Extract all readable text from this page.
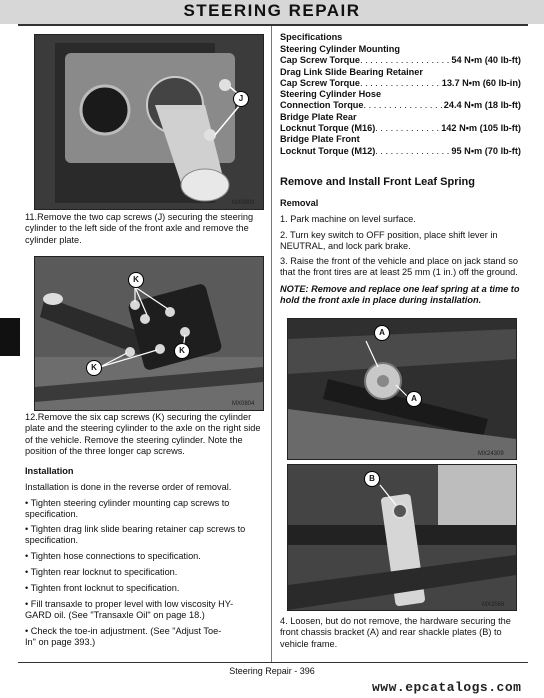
STEERING REPAIR
J
MX0803
11.Remove the two cap screws (J) securing the steering cylinder to the left side of the front axle and remove the cylinder plate.
K
K
K
MX0804
12.Remove the six cap screws (K) securing the cylinder plate and the steering cylinder to the axle on the right side of the vehicle. Remove the steering cylinder. Note the position of the three longer cap screws.
Installation
Installation is done in the reverse order of removal.
• Tighten steering cylinder mounting cap screws to specification.
• Tighten drag link slide bearing retainer cap screws to specification.
• Tighten hose connections to specification.
• Tighten rear locknut to specification.
• Tighten front locknut to specification.
• Fill transaxle to proper level with low viscosity HY-GARD oil. (See "Transaxle Oil" on page 18.)
• Check the toe-in adjustment. (See "Adjust Toe-In" on page 393.)
Specifications
Steering Cylinder Mounting
Cap Screw Torque . . .	54 N•m (40 lb-ft)
Drag Link Slide Bearing Retainer
Cap Screw Torque . . .	13.7 N•m (60 lb-in)
Steering Cylinder Hose
Connection Torque . . .	24.4 N•m (18 lb-ft)
Bridge Plate Rear
Locknut Torque (M16) . . .	142 N•m (105 lb-ft)
Bridge Plate Front
Locknut Torque (M12) . . .	95 N•m (70 lb-ft)
Remove and Install Front Leaf Spring
Removal
1. Park machine on level surface.
2. Turn key switch to OFF position, place shift lever in NEUTRAL, and lock park brake.
3. Raise the front of the vehicle and place on jack stand so that the front tires are at least 25 mm (1 in.) off the ground.
NOTE: Remove and replace one leaf spring at a time to hold the front axle in place during installation.
A
A
MX24309
B
MX3568
4. Loosen, but do not remove, the hardware securing the front chassis bracket (A) and rear shackle plates (B) to vehicle frame.
Steering Repair - 396
www.epcatalogs.com
